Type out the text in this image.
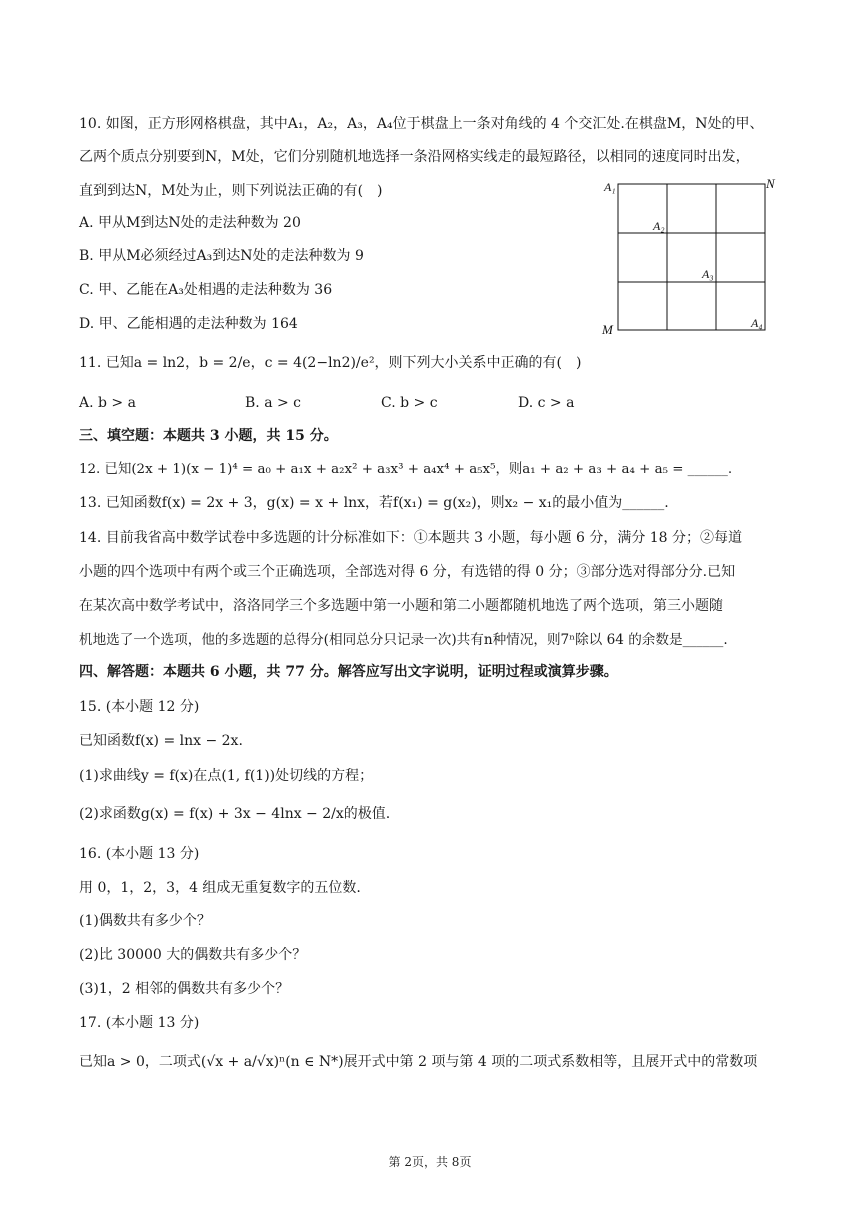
10. 如图，正方形网格棋盘，其中A₁，A₂，A₃，A₄位于棋盘上一条对角线的 4 个交汇处.在棋盘M，N处的甲、
乙两个质点分别要到N，M处，它们分别随机地选择一条沿网格实线走的最短路径，以相同的速度同时出发，
直到到达N，M处为止，则下列说法正确的有(　)
A. 甲从M到达N处的走法种数为 20
B. 甲从M必须经过A₃到达N处的走法种数为 9
C. 甲、乙能在A₃处相遇的走法种数为 36
D. 甲、乙能相遇的走法种数为 164
A₁	N
A₂
A₃
M	A₄
11. 已知a = ln2，b = 2/e，c = 4(2−ln2)/e²，则下列大小关系中正确的有(　)
A. b > a	B. a > c	C. b > c	D. c > a
三、填空题：本题共 3 小题，共 15 分。
12. 已知(2x + 1)(x − 1)⁴ = a₀ + a₁x + a₂x² + a₃x³ + a₄x⁴ + a₅x⁵，则a₁ + a₂ + a₃ + a₄ + a₅ = ______.
13. 已知函数f(x) = 2x + 3，g(x) = x + lnx，若f(x₁) = g(x₂)，则x₂ − x₁的最小值为______.
14. 目前我省高中数学试卷中多选题的计分标准如下：①本题共 3 小题，每小题 6 分，满分 18 分；②每道
小题的四个选项中有两个或三个正确选项，全部选对得 6 分，有选错的得 0 分；③部分选对得部分分.已知
在某次高中数学考试中，洛洛同学三个多选题中第一小题和第二小题都随机地选了两个选项，第三小题随
机地选了一个选项，他的多选题的总得分(相同总分只记录一次)共有n种情况，则7ⁿ除以 64 的余数是______.
四、解答题：本题共 6 小题，共 77 分。解答应写出文字说明，证明过程或演算步骤。
15. (本小题 12 分)
已知函数f(x) = lnx − 2x.
(1)求曲线y = f(x)在点(1, f(1))处切线的方程；
(2)求函数g(x) = f(x) + 3x − 4lnx − 2/x的极值.
16. (本小题 13 分)
用 0，1，2，3，4 组成无重复数字的五位数.
(1)偶数共有多少个？
(2)比 30000 大的偶数共有多少个？
(3)1，2 相邻的偶数共有多少个？
17. (本小题 13 分)
已知a > 0，二项式(√x + a/√x)ⁿ(n ∈ N*)展开式中第 2 项与第 4 项的二项式系数相等，且展开式中的常数项
第 2页，共 8页
